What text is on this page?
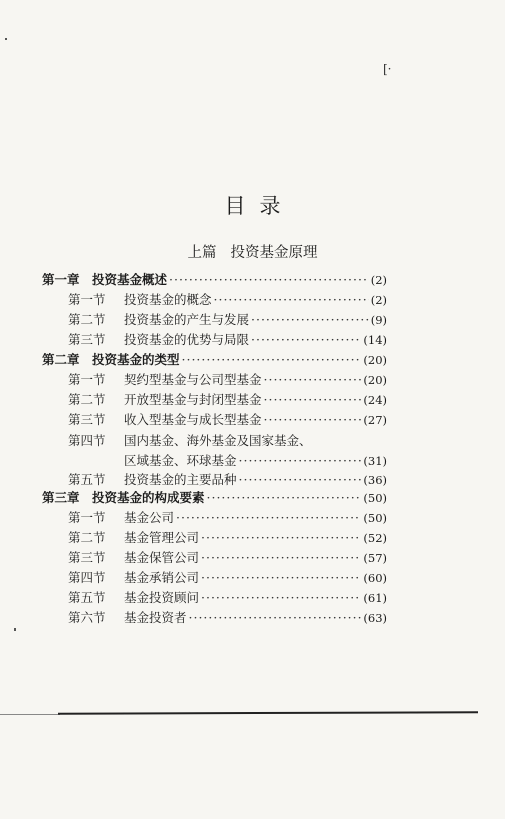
[·
目录
上篇 投资基金原理
第一章 投资基金概述 ·····	(2)
第一节 投资基金的概念 ·····	(2)
第二节 投资基金的产生与发展 ·····	(9)
第三节 投资基金的优势与局限 ·····	(14)
第二章 投资基金的类型 ·····	(20)
第一节 契约型基金与公司型基金 ·····	(20)
第二节 开放型基金与封闭型基金 ·····	(24)
第三节 收入型基金与成长型基金 ·····	(27)
第四节 国内基金、海外基金及国家基金、
区域基金、环球基金 ·····	(31)
第五节 投资基金的主要品种 ·····	(36)
第三章 投资基金的构成要素 ·····	(50)
第一节 基金公司 ·····	(50)
第二节 基金管理公司 ·····	(52)
第三节 基金保管公司 ·····	(57)
第四节 基金承销公司 ·····	(60)
第五节 基金投资顾问 ·····	(61)
第六节 基金投资者 ·····	(63)
